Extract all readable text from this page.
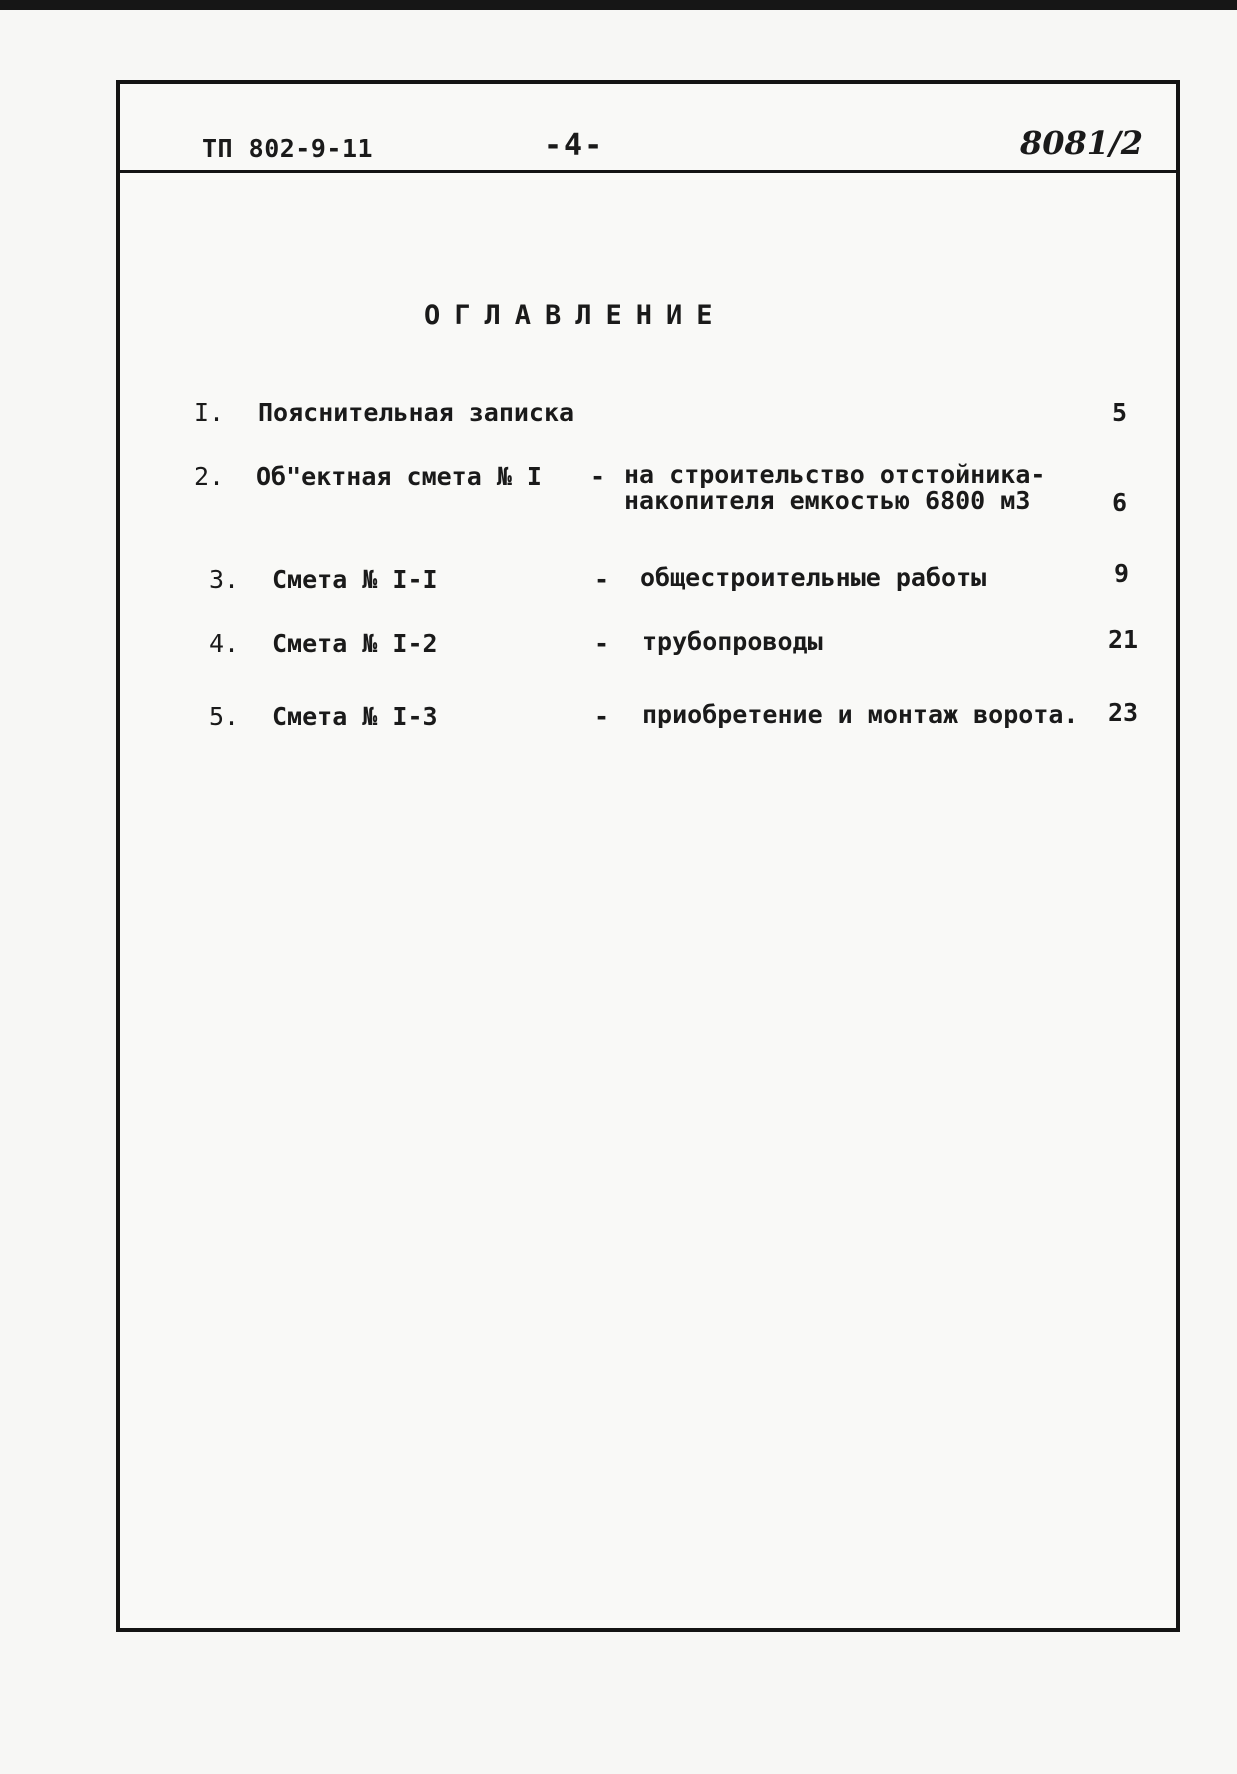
ТП 802-9-11	-4-	8081/2
ОГЛАВЛЕНИЕ
I. Пояснительная записка	5
2. Об"ектная смета № I - на строительство отстойника-
накопителя емкостью 6800 м3	6
3. Смета № I-I	- общестроительные работы	9
4. Смета № I-2	- трубопроводы	21
5. Смета № I-3	- приобретение и монтаж ворота. 23
